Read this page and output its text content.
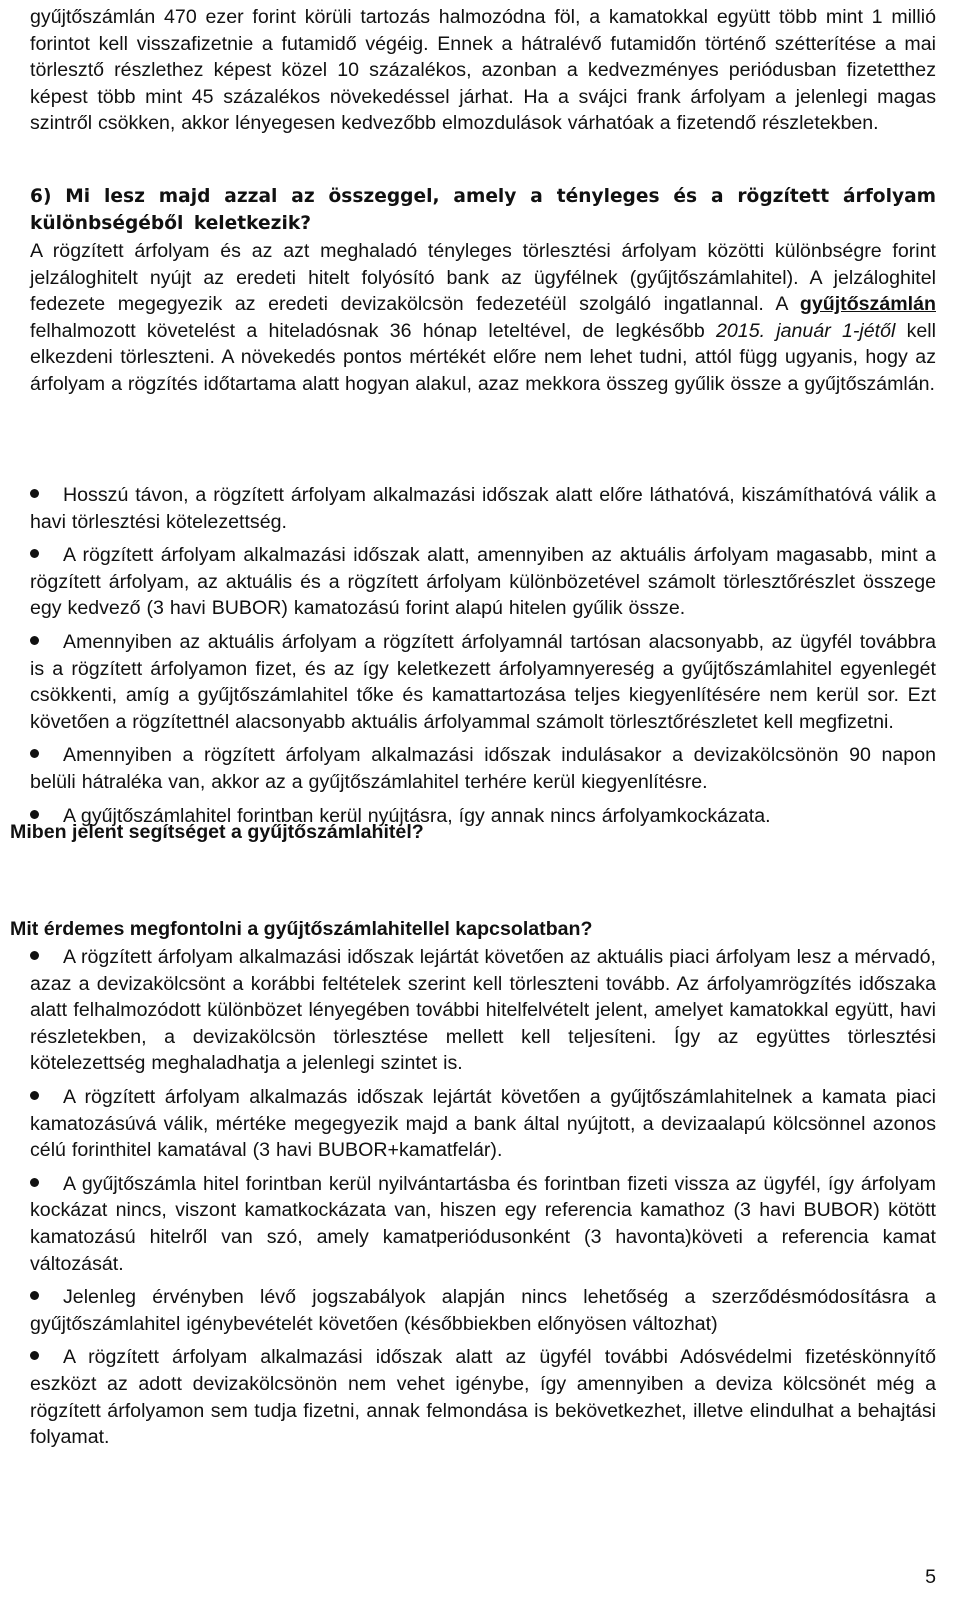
gyűjtőszámlán 470 ezer forint körüli tartozás halmozódna föl, a kamatokkal együtt több mint 1 millió forintot kell visszafizetnie a futamidő végéig. Ennek a hátralévő futamidőn történő szétterítése a mai törlesztő részlethez képest közel 10 százalékos, azonban a kedvezményes periódusban fizetetthez képest több mint 45 százalékos növekedéssel járhat. Ha a svájci frank árfolyam a jelenlegi magas szintről csökken, akkor lényegesen kedvezőbb elmozdulások várhatóak a fizetendő részletekben.

6) Mi lesz majd azzal az összeggel, amely a tényleges és a rögzített árfolyam különbségéből keletkezik?

A rögzített árfolyam és az azt meghaladó tényleges törlesztési árfolyam közötti különbségre forint jelzáloghitelt nyújt az eredeti hitelt folyósító bank az ügyfélnek (gyűjtőszámlahitel). A jelzáloghitel fedezete megegyezik az eredeti devizakölcsön fedezetéül szolgáló ingatlannal. A gyűjtőszámlán felhalmozott követelést a hiteladósnak 36 hónap leteltével, de legkésőbb 2015. január 1-jétől kell elkezdeni törleszteni. A növekedés pontos mértékét előre nem lehet tudni, attól függ ugyanis, hogy az árfolyam a rögzítés időtartama alatt hogyan alakul, azaz mekkora összeg gyűlik össze a gyűjtőszámlán.

Miben jelent segítséget a gyűjtőszámlahitel?

Hosszú távon, a rögzített árfolyam alkalmazási időszak alatt előre láthatóvá, kiszámíthatóvá válik a havi törlesztési kötelezettség.

A rögzített árfolyam alkalmazási időszak alatt, amennyiben az aktuális árfolyam magasabb, mint a rögzített árfolyam, az aktuális és a rögzített árfolyam különbözetével számolt törlesztőrészlet összege egy kedvező (3 havi BUBOR) kamatozású forint alapú hitelen gyűlik össze.

Amennyiben az aktuális árfolyam a rögzített árfolyamnál tartósan alacsonyabb, az ügyfél továbbra is a rögzített árfolyamon fizet, és az így keletkezett árfolyamnyereség a gyűjtőszámlahitel egyenlegét csökkenti, amíg a gyűjtőszámlahitel tőke és kamattartozása teljes kiegyenlítésére nem kerül sor. Ezt követően a rögzítettnél alacsonyabb aktuális árfolyammal számolt törlesztőrészletet kell megfizetni.

Amennyiben a rögzített árfolyam alkalmazási időszak indulásakor a devizakölcsönön 90 napon belüli hátraléka van, akkor az a gyűjtőszámlahitel terhére kerül kiegyenlítésre.

A gyűjtőszámlahitel forintban kerül nyújtásra, így annak nincs árfolyamkockázata.

Mit érdemes megfontolni a gyűjtőszámlahitellel kapcsolatban?

A rögzített árfolyam alkalmazási időszak lejártát követően az aktuális piaci árfolyam lesz a mérvadó, azaz a devizakölcsönt a korábbi feltételek szerint kell törleszteni tovább. Az árfolyamrögzítés időszaka alatt felhalmozódott különbözet lényegében további hitelfelvételt jelent, amelyet kamatokkal együtt, havi részletekben, a devizakölcsön törlesztése mellett kell teljesíteni. Így az együttes törlesztési kötelezettség meghaladhatja a jelenlegi szintet is.

A rögzített árfolyam alkalmazás időszak lejártát követően a gyűjtőszámlahitelnek a kamata piaci kamatozásúvá válik, mértéke megegyezik majd a bank által nyújtott, a devizaalapú kölcsönnel azonos célú forinthitel kamatával (3 havi BUBOR+kamatfelár).

A gyűjtőszámla hitel forintban kerül nyilvántartásba és forintban fizeti vissza az ügyfél, így árfolyam kockázat nincs, viszont kamatkockázata van, hiszen egy referencia kamathoz (3 havi BUBOR) kötött kamatozású hitelről van szó, amely kamatperiódusonként (3 havonta)követi a referencia kamat változását.

Jelenleg érvényben lévő jogszabályok alapján nincs lehetőség a szerződésmódosításra a gyűjtőszámlahitel igénybevételét követően (későbbiekben előnyösen változhat)

A rögzített árfolyam alkalmazási időszak alatt az ügyfél további Adósvédelmi fizetéskönnyítő eszközt az adott devizakölcsönön nem vehet igénybe, így amennyiben a deviza kölcsönét még a rögzített árfolyamon sem tudja fizetni, annak felmondása is bekövetkezhet, illetve elindulhat a behajtási folyamat.

5
